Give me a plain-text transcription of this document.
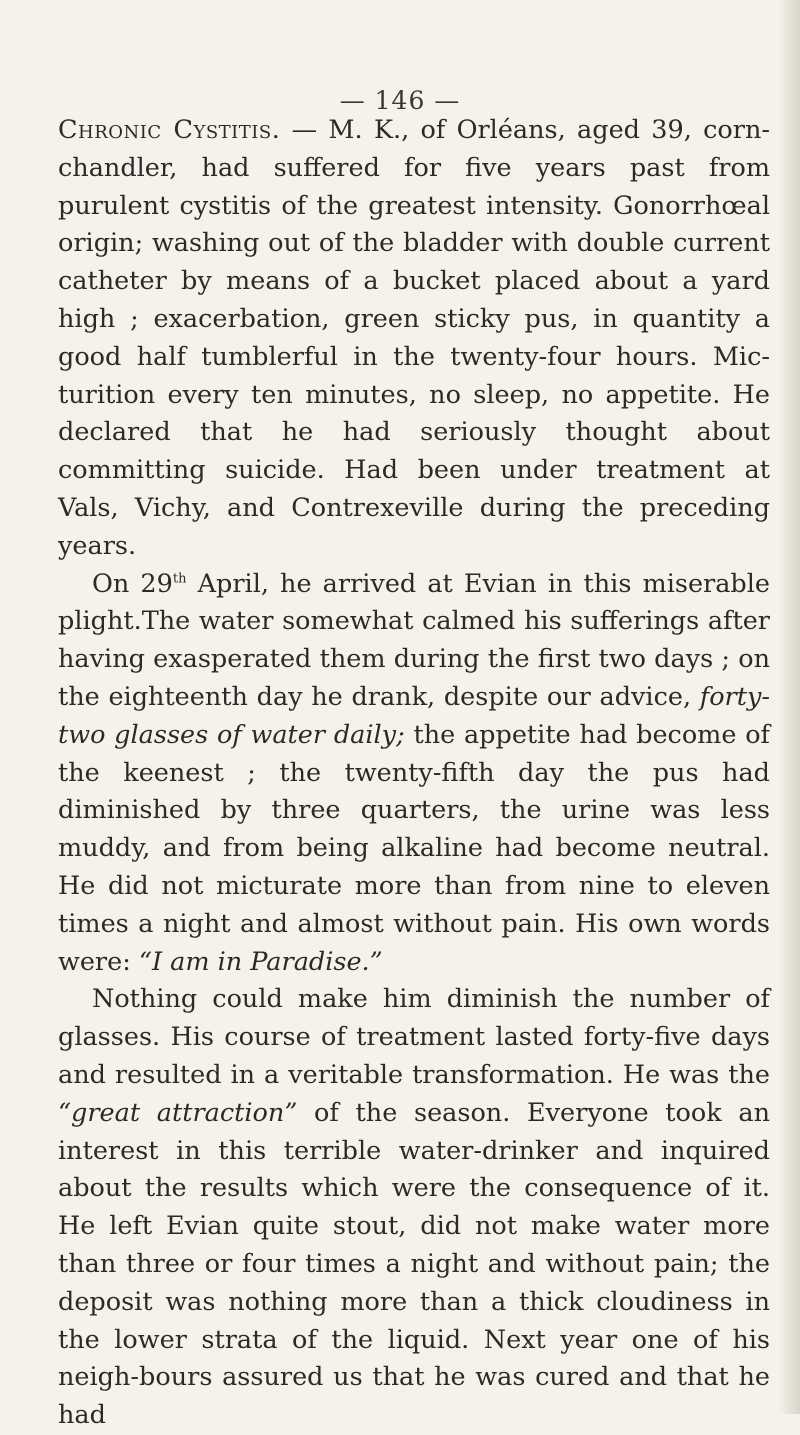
— 146 —

Chronic Cystitis. — M. K., of Orléans, aged 39, corn-chandler, had suffered for five years past from purulent cystitis of the greatest intensity. Gonorrhœal origin; washing out of the bladder with double current catheter by means of a bucket placed about a yard high ; exacerbation, green sticky pus, in quantity a good half tumblerful in the twenty-four hours. Mic-turition every ten minutes, no sleep, no appetite. He declared that he had seriously thought about committing suicide. Had been under treatment at Vals, Vichy, and Contrexeville during the preceding years.

On 29th April, he arrived at Evian in this miserable plight.The water somewhat calmed his sufferings after having exasperated them during the first two days ; on the eighteenth day he drank, despite our advice, forty-two glasses of water daily; the appetite had become of the keenest ; the twenty-fifth day the pus had diminished by three quarters, the urine was less muddy, and from being alkaline had become neutral. He did not micturate more than from nine to eleven times a night and almost without pain. His own words were: “I am in Paradise.”

Nothing could make him diminish the number of glasses. His course of treatment lasted forty-five days and resulted in a veritable transformation. He was the “great attraction” of the season. Everyone took an interest in this terrible water-drinker and inquired about the results which were the consequence of it. He left Evian quite stout, did not make water more than three or four times a night and without pain; the deposit was nothing more than a thick cloudiness in the lower strata of the liquid. Next year one of his neigh-bours assured us that he was cured and that he had
